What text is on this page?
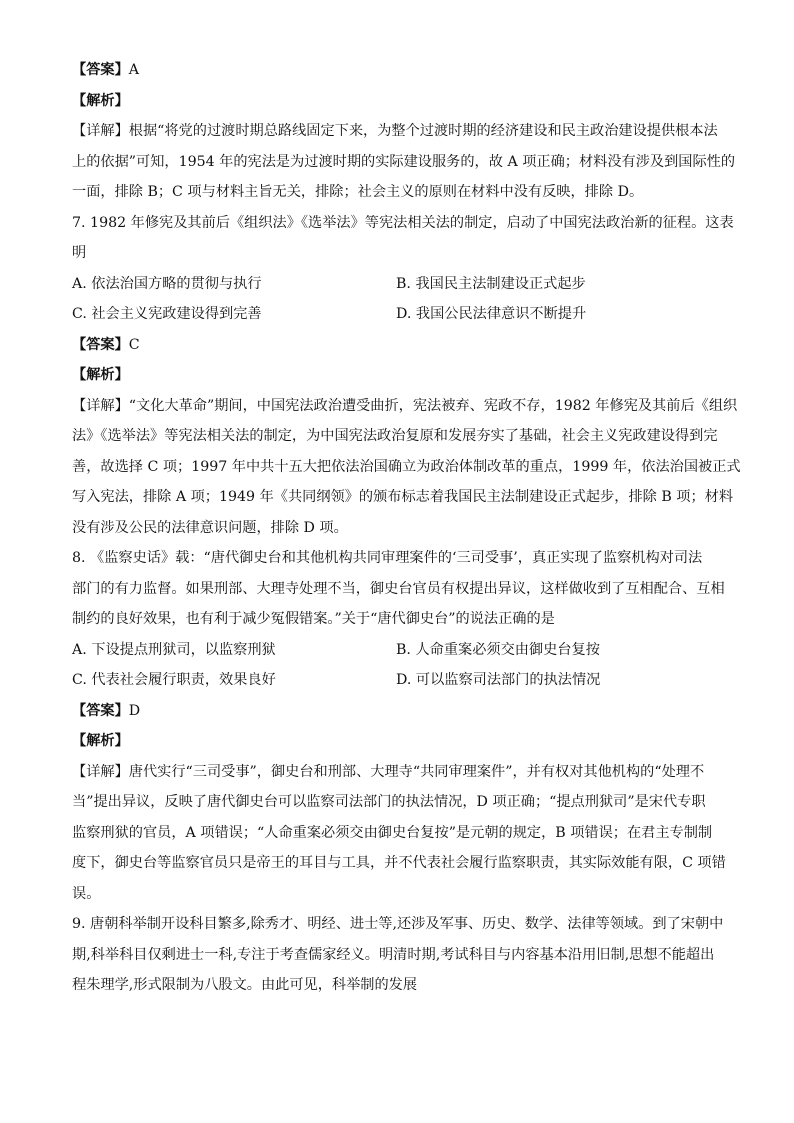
【答案】A

【解析】

【详解】根据“将党的过渡时期总路线固定下来，为整个过渡时期的经济建设和民主政治建设提供根本法

上的依据”可知，1954 年的宪法是为过渡时期的实际建设服务的，故 A 项正确；材料没有涉及到国际性的

一面，排除 B；C 项与材料主旨无关，排除；社会主义的原则在材料中没有反映，排除 D。

7. 1982 年修宪及其前后《组织法》《选举法》等宪法相关法的制定，启动了中国宪法政治新的征程。这表

明

A. 依法治国方略的贯彻与执行	B. 我国民主法制建设正式起步
C. 社会主义宪政建设得到完善	D. 我国公民法律意识不断提升

【答案】C

【解析】

【详解】“文化大革命”期间，中国宪法政治遭受曲折，宪法被弃、宪政不存，1982 年修宪及其前后《组织

法》《选举法》等宪法相关法的制定，为中国宪法政治复原和发展夯实了基础，社会主义宪政建设得到完

善，故选择 C 项；1997 年中共十五大把依法治国确立为政治体制改革的重点，1999 年，依法治国被正式

写入宪法，排除 A 项；1949 年《共同纲领》的颁布标志着我国民主法制建设正式起步，排除 B 项；材料

没有涉及公民的法律意识问题，排除 D 项。

8. 《监察史话》载：“唐代御史台和其他机构共同审理案件的‘三司受事’，真正实现了监察机构对司法

部门的有力监督。如果刑部、大理寺处理不当，御史台官员有权提出异议，这样做收到了互相配合、互相

制约的良好效果，也有利于减少冤假错案。”关于“唐代御史台”的说法正确的是

A. 下设提点刑狱司，以监察刑狱	B. 人命重案必须交由御史台复按
C. 代表社会履行职责，效果良好	D. 可以监察司法部门的执法情况

【答案】D

【解析】

【详解】唐代实行“三司受事”，御史台和刑部、大理寺“共同审理案件”，并有权对其他机构的“处理不

当”提出异议，反映了唐代御史台可以监察司法部门的执法情况，D 项正确；“提点刑狱司”是宋代专职

监察刑狱的官员，A 项错误；“人命重案必须交由御史台复按”是元朝的规定，B 项错误；在君主专制制

度下，御史台等监察官员只是帝王的耳目与工具，并不代表社会履行监察职责，其实际效能有限，C 项错

误。

9. 唐朝科举制开设科目繁多,除秀才、明经、进士等,还涉及军事、历史、数学、法律等领域。到了宋朝中

期,科举科目仅剩进士一科,专注于考查儒家经义。明清时期,考试科目与内容基本沿用旧制,思想不能超出

程朱理学,形式限制为八股文。由此可见，科举制的发展
